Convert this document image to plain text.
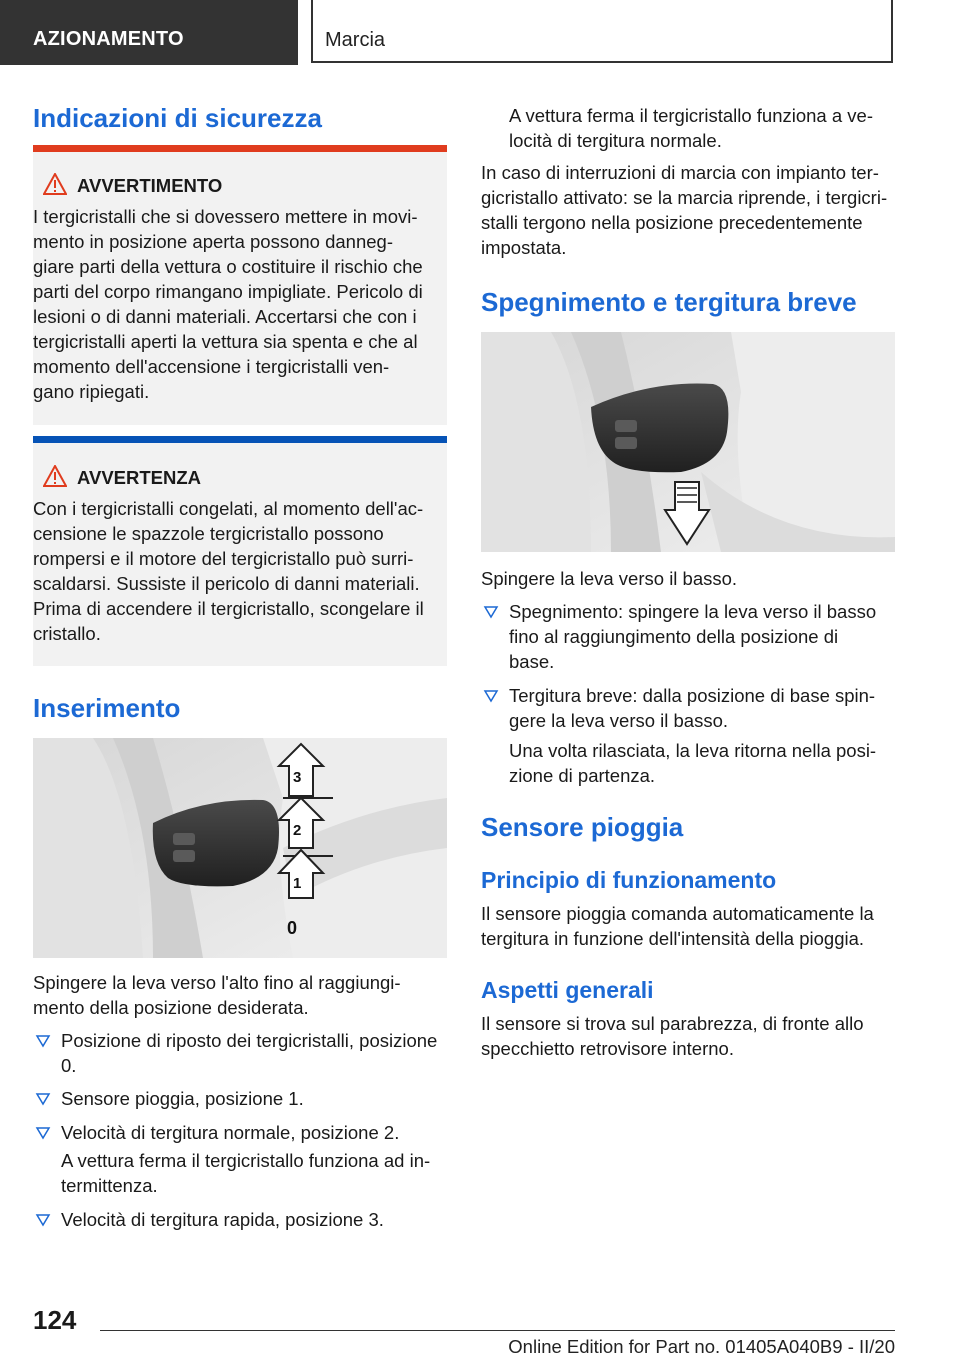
AZIONAMENTO	Marcia
Indicazioni di sicurezza
AVVERTIMENTO
I tergicristalli che si dovessero mettere in movi-
mento in posizione aperta possono danneg-
giare parti della vettura o costituire il rischio che
parti del corpo rimangano impigliate. Pericolo di
lesioni o di danni materiali. Accertarsi che con i
tergicristalli aperti la vettura sia spenta e che al
momento dell'accensione i tergicristalli ven-
gano ripiegati.
AVVERTENZA
Con i tergicristalli congelati, al momento dell'ac-
censione le spazzole tergicristallo possono
rompersi e il motore del tergicristallo può surri-
scaldarsi. Sussiste il pericolo di danni materiali.
Prima di accendere il tergicristallo, scongelare il
cristallo.
Inserimento
1
2
3
0
Spingere la leva verso l'alto fino al raggiungi-
mento della posizione desiderata.
Posizione di riposto dei tergicristalli, posizione
0.
Sensore pioggia, posizione 1.
Velocità di tergitura normale, posizione 2.
A vettura ferma il tergicristallo funziona ad in-
termittenza.
Velocità di tergitura rapida, posizione 3.
A vettura ferma il tergicristallo funziona a ve-
locità di tergitura normale.
In caso di interruzioni di marcia con impianto ter-
gicristallo attivato: se la marcia riprende, i tergicri-
stalli tergono nella posizione precedentemente
impostata.
Spegnimento e tergitura breve
Spingere la leva verso il basso.
Spegnimento: spingere la leva verso il basso
fino al raggiungimento della posizione di
base.
Tergitura breve: dalla posizione di base spin-
gere la leva verso il basso.
Una volta rilasciata, la leva ritorna nella posi-
zione di partenza.
Sensore pioggia
Principio di funzionamento
Il sensore pioggia comanda automaticamente la
tergitura in funzione dell'intensità della pioggia.
Aspetti generali
Il sensore si trova sul parabrezza, di fronte allo
specchietto retrovisore interno.
124
Online Edition for Part no. 01405A040B9 - II/20
